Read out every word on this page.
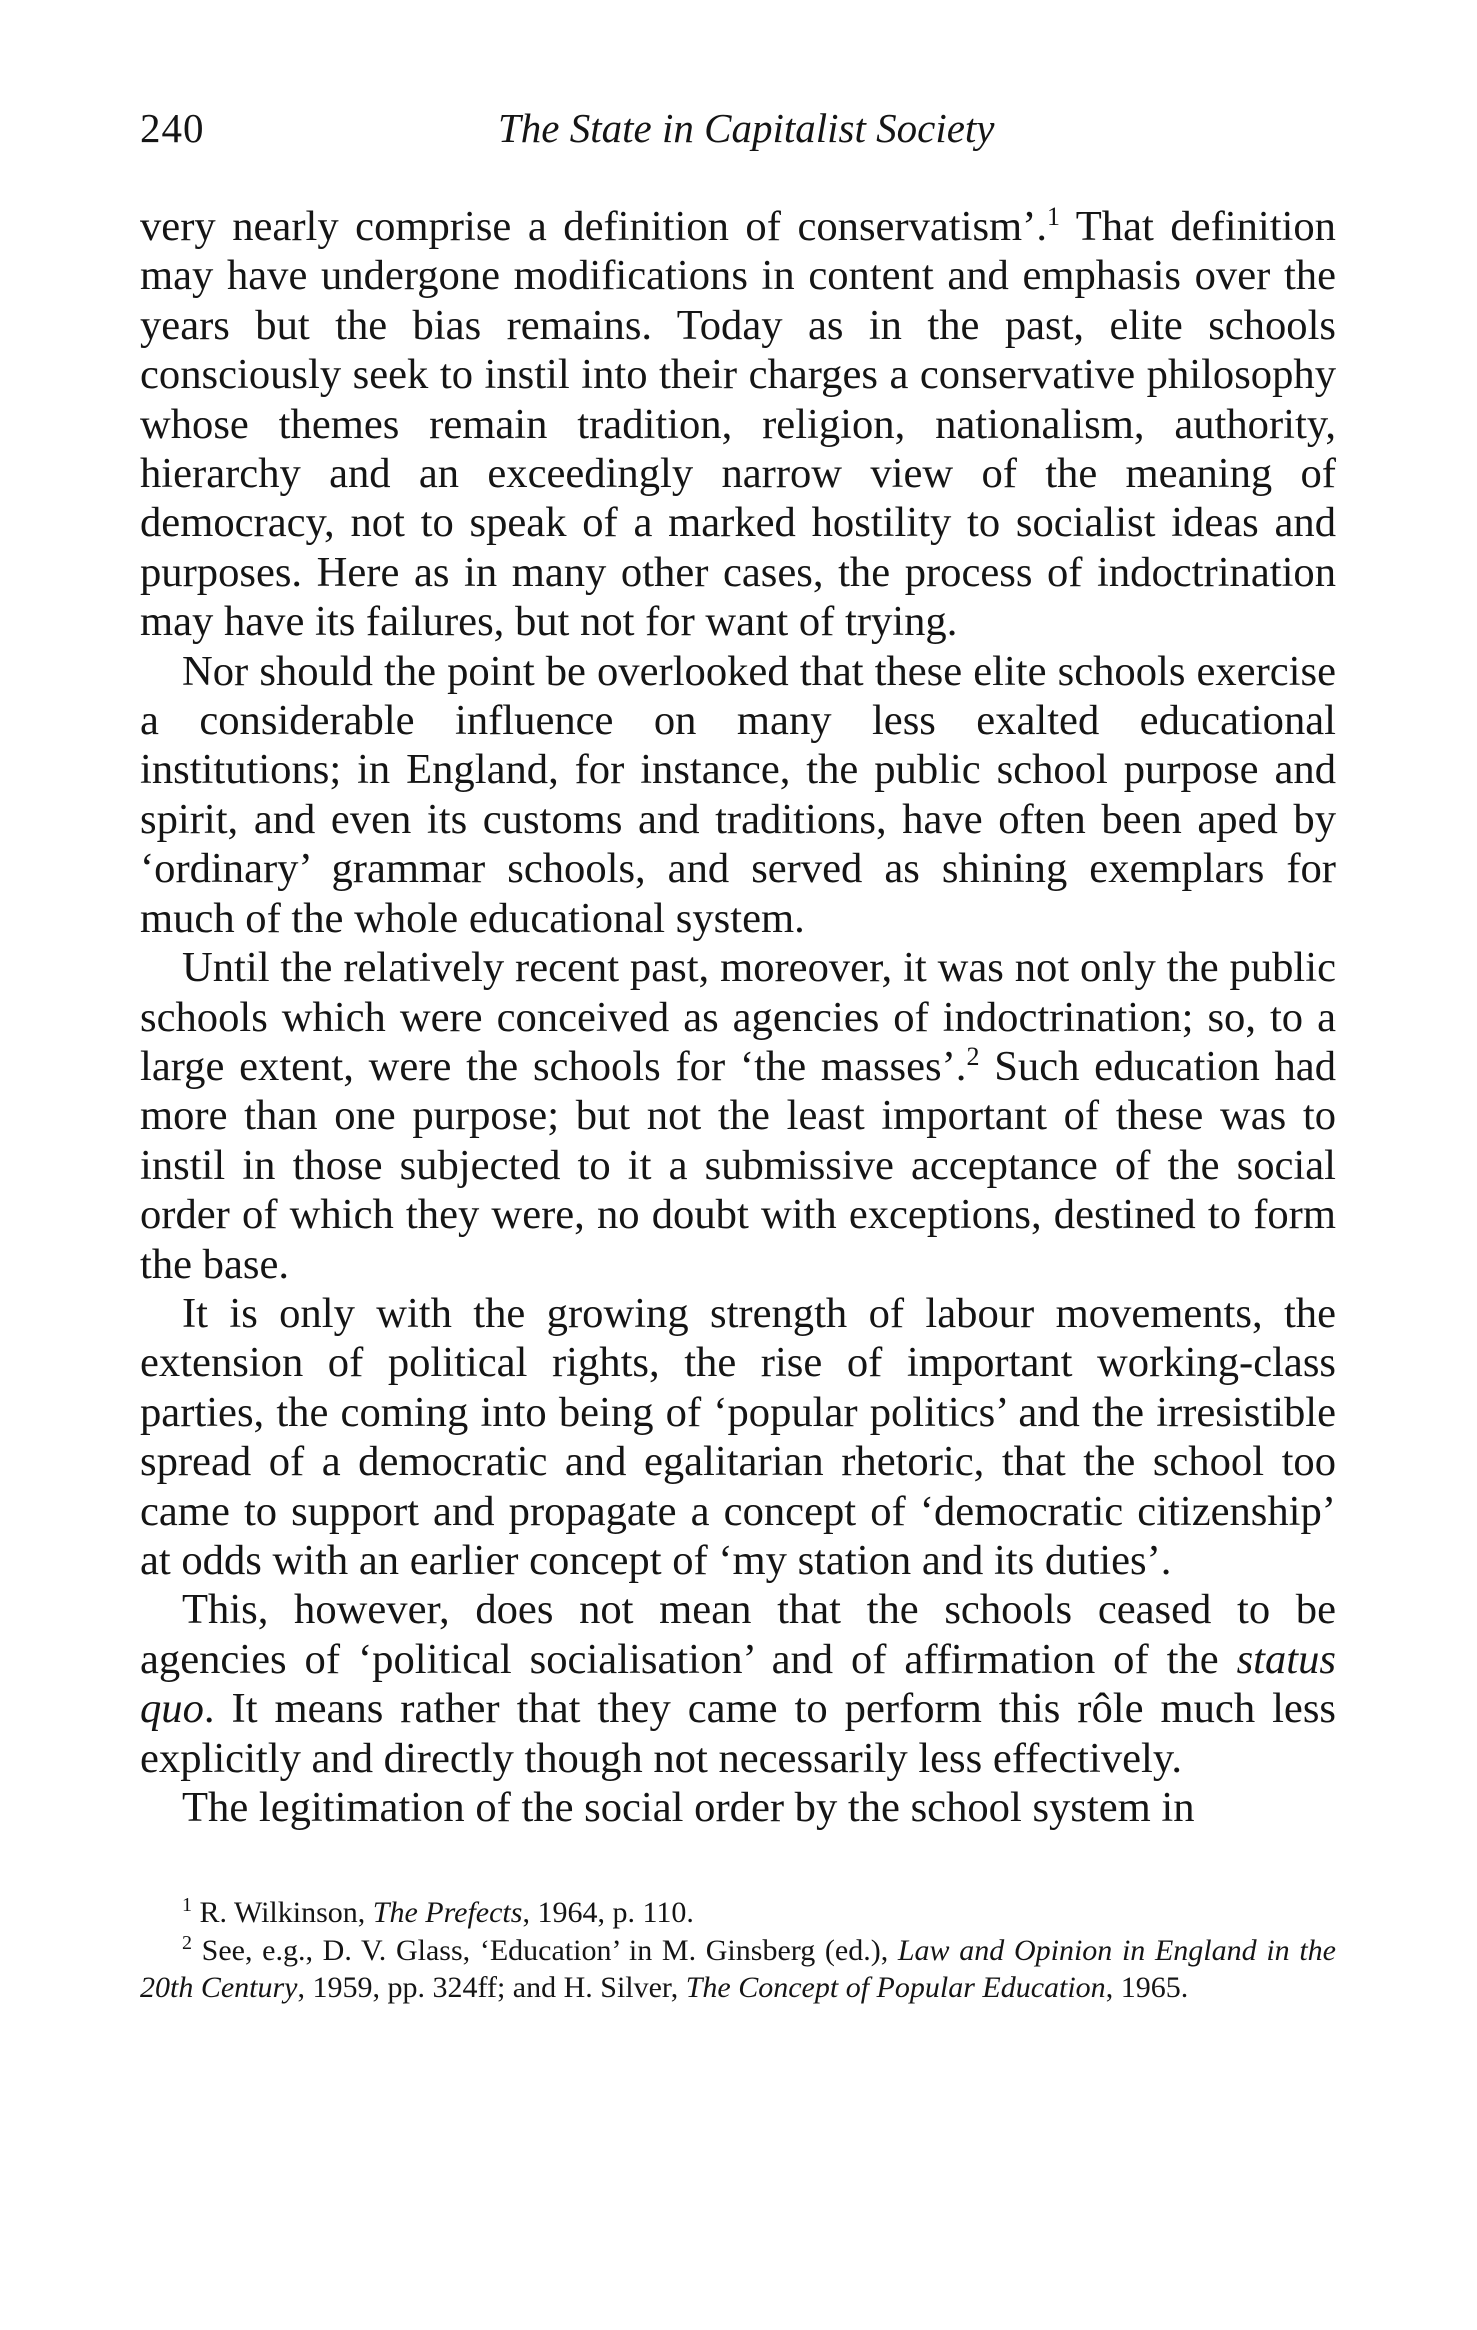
240	The State in Capitalist Society

very nearly comprise a definition of conservatism’.$^1$ That definition may have undergone modifications in content and emphasis over the years but the bias remains. Today as in the past, elite schools consciously seek to instil into their charges a conservative philosophy whose themes remain tradition, religion, nationalism, authority, hierarchy and an exceedingly narrow view of the meaning of democracy, not to speak of a marked hostility to socialist ideas and purposes. Here as in many other cases, the process of indoctrination may have its failures, but not for want of trying.

Nor should the point be overlooked that these elite schools exercise a considerable influence on many less exalted educational institutions; in England, for instance, the public school purpose and spirit, and even its customs and traditions, have often been aped by ‘ordinary’ grammar schools, and served as shining exemplars for much of the whole educational system.

Until the relatively recent past, moreover, it was not only the public schools which were conceived as agencies of indoctrination; so, to a large extent, were the schools for ‘the masses’.$^2$ Such education had more than one purpose; but not the least important of these was to instil in those subjected to it a submissive acceptance of the social order of which they were, no doubt with exceptions, destined to form the base.

It is only with the growing strength of labour movements, the extension of political rights, the rise of important working-class parties, the coming into being of ‘popular politics’ and the irresistible spread of a democratic and egalitarian rhetoric, that the school too came to support and propagate a concept of ‘democratic citizenship’ at odds with an earlier concept of ‘my station and its duties’.

This, however, does not mean that the schools ceased to be agencies of ‘political socialisation’ and of affirmation of the status quo. It means rather that they came to perform this rôle much less explicitly and directly though not necessarily less effectively.

The legitimation of the social order by the school system in

$^1$ R. Wilkinson, The Prefects, 1964, p. 110.

$^2$ See, e.g., D. V. Glass, ‘Education’ in M. Ginsberg (ed.), Law and Opinion in England in the 20th Century, 1959, pp. 324ff; and H. Silver, The Concept of Popular Education, 1965.
